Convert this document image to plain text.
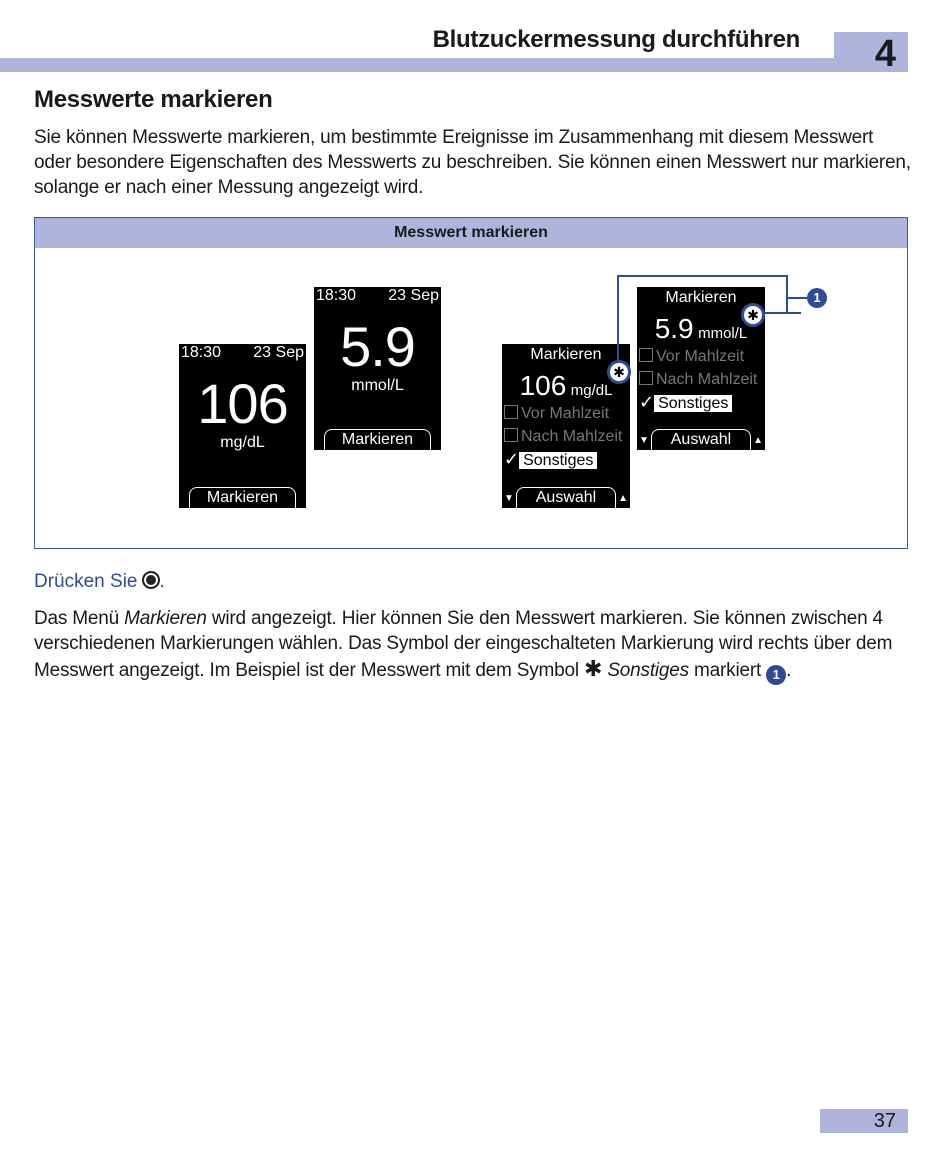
Blutzuckermessung durchführen 4
Messwerte markieren
Sie können Messwerte markieren, um bestimmte Ereignisse im Zusammenhang mit diesem Messwert oder besondere Eigenschaften des Messwerts zu beschreiben. Sie können einen Messwert nur markieren, solange er nach einer Messung angezeigt wird.
Messwert markieren
18:30 23 Sep
106
mg/dL
Markieren
18:30 23 Sep
5.9
mmol/L
Markieren
Markieren
106 mg/dL
Vor Mahlzeit
Nach Mahlzeit
✓ Sonstiges
▼	Auswahl	▲
✱
Markieren
5.9 mmol/L
Vor Mahlzeit
Nach Mahlzeit
✓ Sonstiges
▼	Auswahl	▲
✱
1
Drücken Sie .
Das Menü Markieren wird angezeigt. Hier können Sie den Messwert markieren. Sie können zwischen 4 verschiedenen Markierungen wählen. Das Symbol der eingeschalteten Markierung wird rechts über dem Messwert angezeigt. Im Beispiel ist der Messwert mit dem Symbol ✱ Sonstiges markiert 1 .
37
